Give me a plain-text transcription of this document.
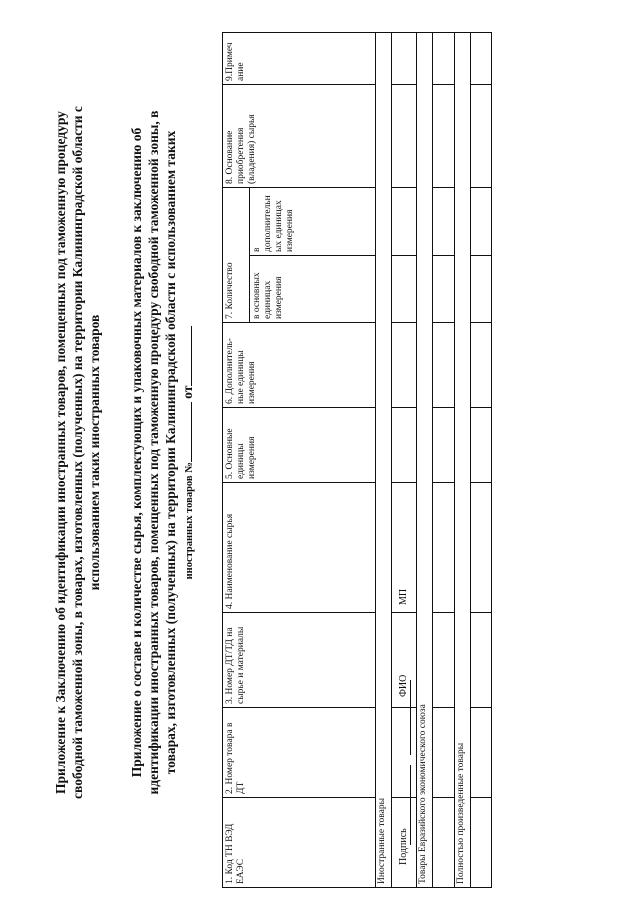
Приложение к Заключению об идентификации иностранных товаров, помещенных под таможенную процедуру свободной таможенной зоны, в товарах, изготовленных (полученных) на территории Калининградской области с использованием таких иностранных товаров Приложение о составе и количестве сырья, комплектующих и упаковочных материалов к заключению об идентификации иностранных товаров, помещенных под таможенную процедуру свободной таможенной зоны, в товарах, изготовленных (полученных) на территории Калининградской области с использованием таких иностранных товаров № от
1. Код ТН ВЭД ЕАЭС	2. Номер товара в ДТ	3. Номер ДТ/ТД на сырье и материалы	4. Наименование сырья	5. Основные единицы измерения	6. Дополнитель-ные единицы измерения	7. Количество		8. Основание приобретения (владения) сырья	9.Примеч ание
						в основных единицах измерения	в дополнительн ых единицах измерения		
Иностранные товары									

Товары Евразийского экономического союза									

Полностью произведенные товары									

Подпись
ФИО
МП
